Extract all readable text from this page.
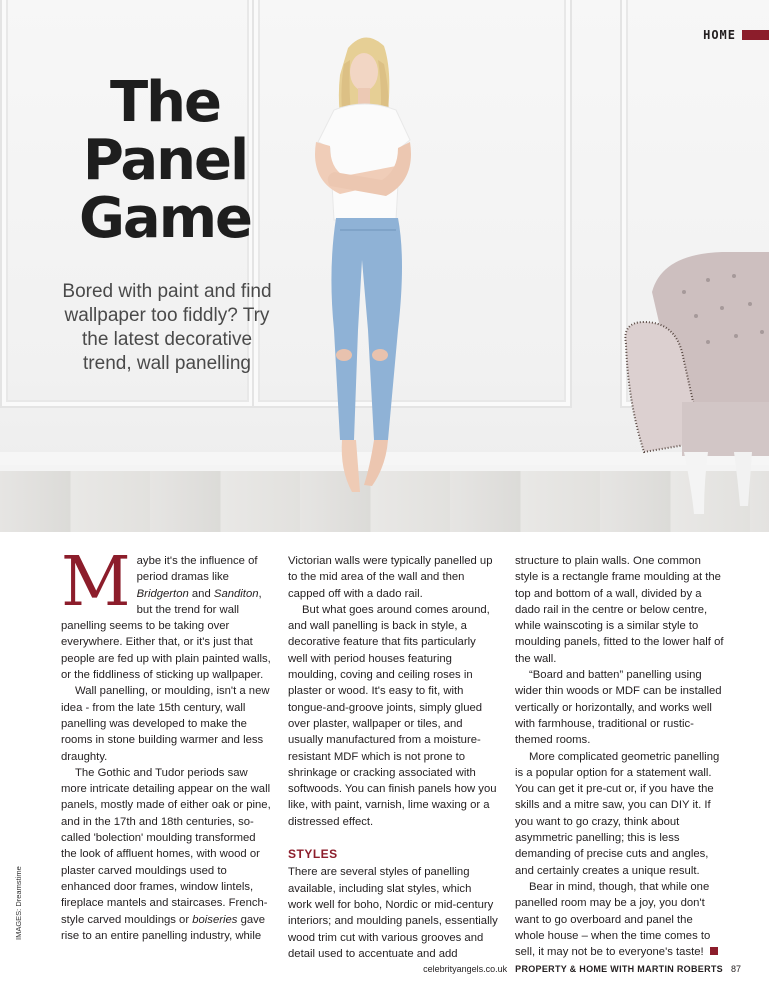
HOME
The
Panel
Game

Bored with paint and find wallpaper too fiddly? Try the latest decorative trend, wall panelling

Maybe it's the influence of period dramas like Bridgerton and Sanditon, but the trend for wall panelling seems to be taking over everywhere. Either that, or it's just that people are fed up with plain painted walls, or the fiddliness of sticking up wallpaper.

Wall panelling, or moulding, isn't a new idea - from the late 15th century, wall panelling was developed to make the rooms in stone building warmer and less draughty.

The Gothic and Tudor periods saw more intricate detailing appear on the wall panels, mostly made of either oak or pine, and in the 17th and 18th centuries, so-called 'bolection' moulding transformed the look of affluent homes, with wood or plaster carved mouldings used to enhanced door frames, window lintels, fireplace mantels and staircases. French-style carved mouldings or boiseries gave rise to an entire panelling industry, while

Victorian walls were typically panelled up to the mid area of the wall and then capped off with a dado rail.

But what goes around comes around, and wall panelling is back in style, a decorative feature that fits particularly well with period houses featuring moulding, coving and ceiling roses in plaster or wood. It's easy to fit, with tongue-and-groove joints, simply glued over plaster, wallpaper or tiles, and usually manufactured from a moisture-resistant MDF which is not prone to shrinkage or cracking associated with softwoods. You can finish panels how you like, with paint, varnish, lime waxing or a distressed effect.

STYLES

There are several styles of panelling available, including slat styles, which work well for boho, Nordic or mid-century interiors; and moulding panels, essentially wood trim cut with various grooves and detail used to accentuate and add

structure to plain walls. One common style is a rectangle frame moulding at the top and bottom of a wall, divided by a dado rail in the centre or below centre, while wainscoting is a similar style to moulding panels, fitted to the lower half of the wall.

“Board and batten” panelling using wider thin woods or MDF can be installed vertically or horizontally, and works well with farmhouse, traditional or rustic-themed rooms.

More complicated geometric panelling is a popular option for a statement wall. You can get it pre-cut or, if you have the skills and a mitre saw, you can DIY it. If you want to go crazy, think about asymmetric panelling; this is less demanding of precise cuts and angles, and certainly creates a unique result.

Bear in mind, though, that while one panelled room may be a joy, you don't want to go overboard and panel the whole house – when the time comes to sell, it may not be to everyone's taste!

IMAGES: Dreamstime
celebrityangels.co.uk PROPERTY & HOME WITH MARTIN ROBERTS 87
